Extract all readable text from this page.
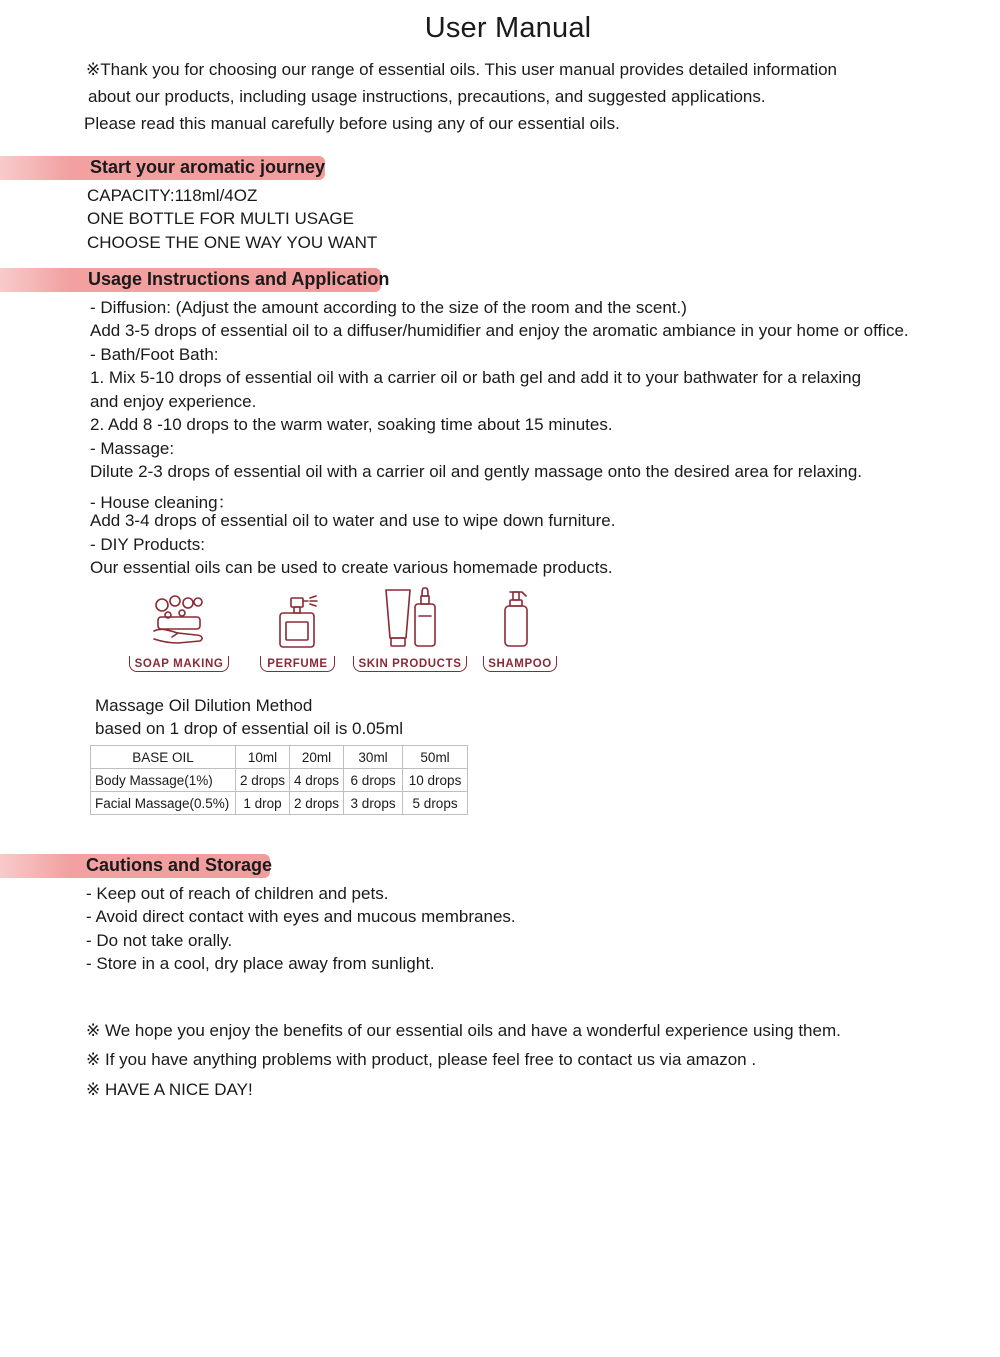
User Manual
※Thank you for choosing our range of essential oils. This user manual provides detailed information
about our products, including usage instructions, precautions, and suggested applications.
Please read this manual carefully before using any of our essential oils.
Start your aromatic journey
CAPACITY:118ml/4OZ
ONE BOTTLE FOR MULTI USAGE
CHOOSE THE ONE WAY YOU WANT
Usage Instructions and Application
- Diffusion: (Adjust the amount according to the size of the room and the scent.)
Add 3-5 drops of essential oil to a diffuser/humidifier and enjoy the aromatic ambiance in your home or office.
- Bath/Foot Bath:
1. Mix 5-10 drops of essential oil with a carrier oil or bath gel and add it to your bathwater for a relaxing
and enjoy experience.
2. Add 8 -10 drops to the warm water, soaking time about 15 minutes.
- Massage:
Dilute 2-3 drops of essential oil with a carrier oil and gently massage onto the desired area for relaxing.
- House cleaning：
Add 3-4 drops of essential oil to water and use to wipe down furniture.
- DIY Products:
Our essential oils can be used to create various homemade products.
SOAP MAKING	PERFUME	SKIN PRODUCTS	SHAMPOO
Massage Oil Dilution Method
based on 1 drop of essential oil is 0.05ml
BASE OIL	10ml	20ml	30ml	50ml
Body Massage(1%)	2 drops	4 drops	6 drops	10 drops
Facial Massage(0.5%)	1 drop	2 drops	3 drops	5 drops
Cautions and Storage
- Keep out of reach of children and pets.
- Avoid direct contact with eyes and mucous membranes.
- Do not take orally.
- Store in a cool, dry place away from sunlight.
※ We hope you enjoy the benefits of our essential oils and have a wonderful experience using them.
※ If you have anything problems with product, please feel free to contact us via amazon .
※ HAVE A NICE DAY!
